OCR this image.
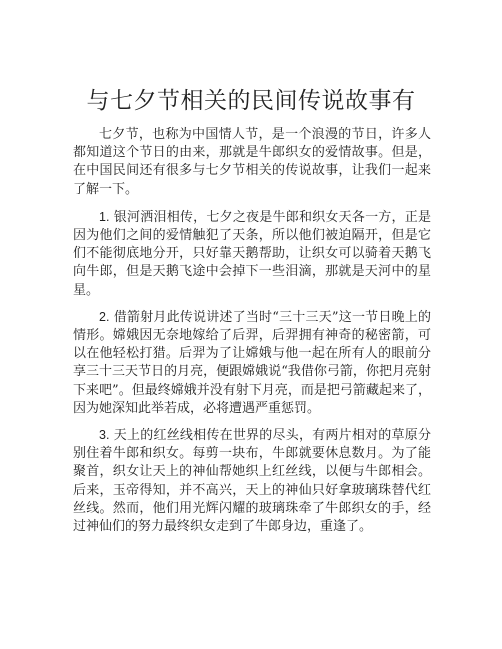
与七夕节相关的民间传说故事有

七夕节，也称为中国情人节，是一个浪漫的节日，许多人都知道这个节日的由来，那就是牛郎织女的爱情故事。但是，在中国民间还有很多与七夕节相关的传说故事，让我们一起来了解一下。

1. 银河洒泪相传，七夕之夜是牛郎和织女天各一方，正是因为他们之间的爱情触犯了天条，所以他们被迫隔开，但是它们不能彻底地分开，只好靠天鹅帮助，让织女可以骑着天鹅飞向牛郎，但是天鹅飞途中会掉下一些泪滴，那就是天河中的星星。

2. 借箭射月此传说讲述了当时“三十三天”这一节日晚上的情形。嫦娥因无奈地嫁给了后羿，后羿拥有神奇的秘密箭，可以在他轻松打猎。后羿为了让嫦娥与他一起在所有人的眼前分享三十三天节日的月亮，便跟嫦娥说“我借你弓箭，你把月亮射下来吧”。但最终嫦娥并没有射下月亮，而是把弓箭藏起来了，因为她深知此举若成，必将遭遇严重惩罚。

3. 天上的红丝线相传在世界的尽头，有两片相对的草原分别住着牛郎和织女。每剪一块布，牛郎就要休息数月。为了能聚首，织女让天上的神仙帮她织上红丝线，以便与牛郎相会。后来，玉帝得知，并不高兴，天上的神仙只好拿玻璃珠替代红丝线。然而，他们用光辉闪耀的玻璃珠牵了牛郎织女的手，经过神仙们的努力最终织女走到了牛郎身边，重逢了。
